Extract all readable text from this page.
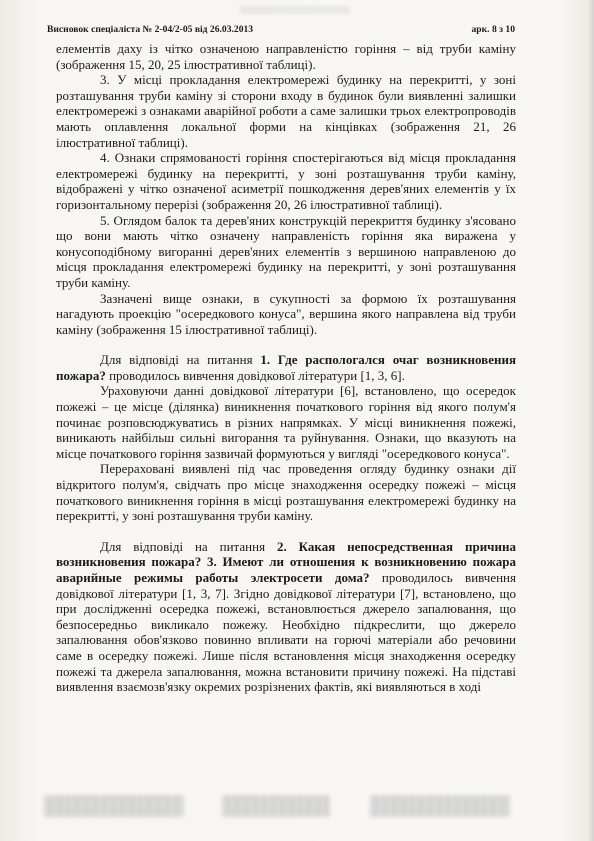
Висновок спеціаліста № 2-04/2-05 від 26.03.2013	арк. 8 з 10

елементів даху із чітко означеною направленістю горіння – від труби каміну (зображення 15, 20, 25 ілюстративної таблиці).

3. У місці прокладання електромережі будинку на перекритті, у зоні розташування труби каміну зі сторони входу в будинок були виявленні залишки електромережі з ознаками аварійної роботи а саме залишки трьох електропроводів мають оплавлення локальної форми на кінцівках (зображення 21, 26 ілюстративної таблиці).

4. Ознаки спрямованості горіння спостерігаються від місця прокладання електромережі будинку на перекритті, у зоні розташування труби каміну, відображені у чітко означеної асиметрії пошкодження дерев'яних елементів у їх горизонтальному перерізі (зображення 20, 26 ілюстративної таблиці).

5. Оглядом балок та дерев'яних конструкцій перекриття будинку з'ясовано що вони мають чітко означену направленість горіння яка виражена у конусоподібному вигоранні дерев'яних елементів з вершиною направленою до місця прокладання електромережі будинку на перекритті, у зоні розташування труби каміну.

Зазначені вище ознаки, в сукупності за формою їх розташування нагадують проекцію "осередкового конуса", вершина якого направлена від труби каміну (зображення 15 ілюстративної таблиці).

Для відповіді на питання 1. Где распологался очаг возникновения пожара? проводилось вивчення довідкової літератури [1, 3, 6].

Ураховуючи данні довідкової літератури [6], встановлено, що осередок пожежі – це місце (ділянка) виникнення початкового горіння від якого полум'я починає розповсюджуватись в різних напрямках. У місці виникнення пожежі, виникають найбільш сильні вигорання та руйнування. Ознаки, що вказують на місце початкового горіння зазвичай формуються у вигляді "осередкового конуса".

Перераховані виявлені під час проведення огляду будинку ознаки дії відкритого полум'я, свідчать про місце знаходження осередку пожежі – місця початкового виникнення горіння в місці розташування електромережі будинку на перекритті, у зоні розташування труби каміну.

Для відповіді на питання 2. Какая непосредственная причина возникновения пожара? 3. Имеют ли отношения к возникновению пожара аварийные режимы работы электросети дома? проводилось вивчення довідкової літератури [1, 3, 7]. Згідно довідкової літератури [7], встановлено, що при дослідженні осередка пожежі, встановлюється джерело запалювання, що безпосередньо викликало пожежу. Необхідно підкреслити, що джерело запалювання обов'язково повинно впливати на горючі матеріали або речовини саме в осередку пожежі. Лише після встановлення місця знаходження осередку пожежі та джерела запалювання, можна встановити причину пожежі. На підставі виявлення взаємозв'язку окремих розрізнених фактів, які виявляються в ході
